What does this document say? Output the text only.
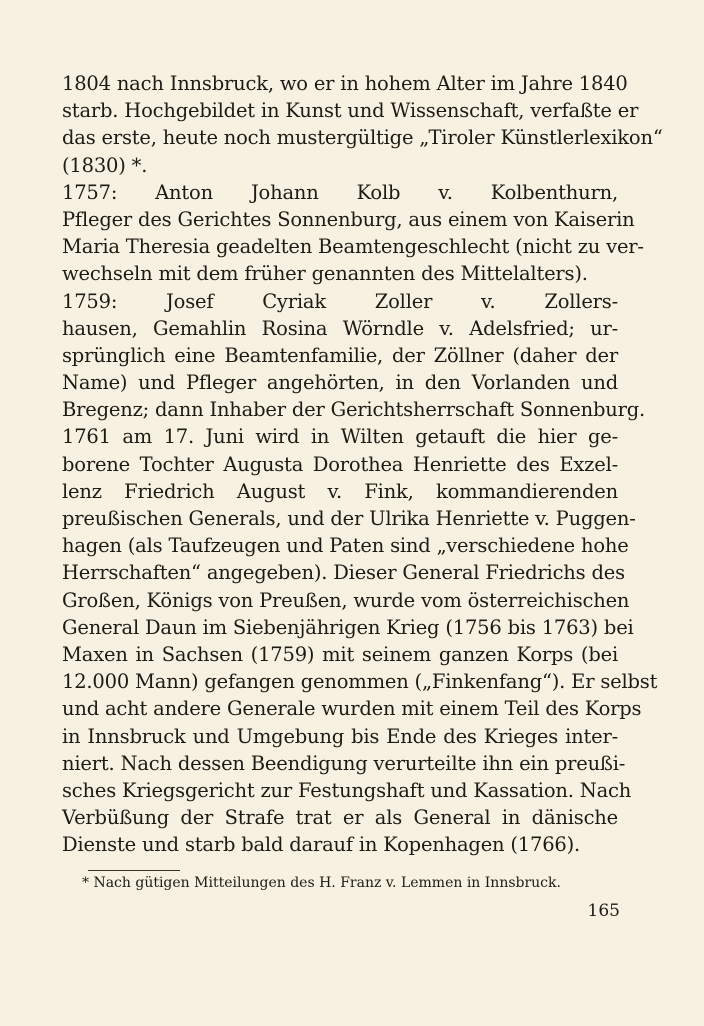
1804 nach Innsbruck, wo er in hohem Alter im Jahre 1840
starb. Hochgebildet in Kunst und Wissenschaft, verfaßte er
das erste, heute noch mustergültige „Tiroler Künstlerlexikon“
(1830) *.
1757: Anton Johann Kolb v. Kolbenthurn,
Pfleger des Gerichtes Sonnenburg, aus einem von Kaiserin
Maria Theresia geadelten Beamtengeschlecht (nicht zu ver-
wechseln mit dem früher genannten des Mittelalters).
1759: Josef Cyriak Zoller v. Zollers-
hausen, Gemahlin Rosina Wörndle v. Adelsfried; ur-
sprünglich eine Beamtenfamilie, der Zöllner (daher der
Name) und Pfleger angehörten, in den Vorlanden und
Bregenz; dann Inhaber der Gerichtsherrschaft Sonnenburg.
1761 am 17. Juni wird in Wilten getauft die hier ge-
borene Tochter Augusta Dorothea Henriette des Exzel-
lenz Friedrich August v. Fink, kommandierenden
preußischen Generals, und der Ulrika Henriette v. Puggen-
hagen (als Taufzeugen und Paten sind „verschiedene hohe
Herrschaften“ angegeben). Dieser General Friedrichs des
Großen, Königs von Preußen, wurde vom österreichischen
General Daun im Siebenjährigen Krieg (1756 bis 1763) bei
Maxen in Sachsen (1759) mit seinem ganzen Korps (bei
12.000 Mann) gefangen genommen („Finkenfang“). Er selbst
und acht andere Generale wurden mit einem Teil des Korps
in Innsbruck und Umgebung bis Ende des Krieges inter-
niert. Nach dessen Beendigung verurteilte ihn ein preußi-
sches Kriegsgericht zur Festungshaft und Kassation. Nach
Verbüßung der Strafe trat er als General in dänische
Dienste und starb bald darauf in Kopenhagen (1766).
* Nach gütigen Mitteilungen des H. Franz v. Lemmen in Innsbruck.
165
